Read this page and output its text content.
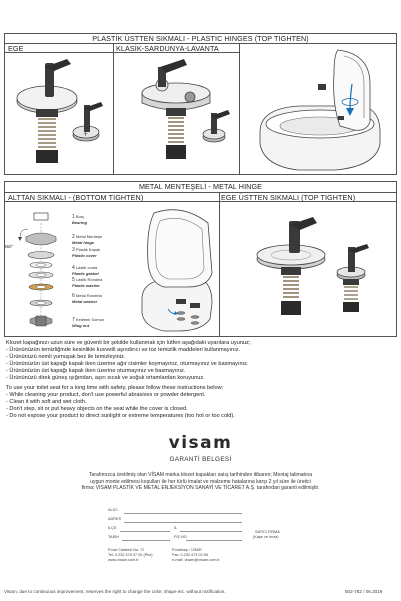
PLASTİK ÜSTTEN SIKMALI - PLASTIC HINGES (TOP TIGHTEN)
EGE	KLASİK-SARDUNYA-LAVANTA
+
METAL MENTEŞELİ - METAL HINGE
ALTTAN SIKMALI - (BOTTOM TIGHTEN)	EGE ÜSTTEN SIKMALI (TOP TIGHTEN)
360°
1 Burç
Bearing
2 Metal Menteşe
Metal hinge
3 Plastik Kapak
Plastic cover
4 Lastik conta
Plastic gasket
5 Lastik Rondela
Plastic washer
6 Metal Rondela
Metal washer
7 Kelebek Somun
Wing nut
Klozet kapağınızı uzun süre ve güvenli bir şekilde kullanmak için lütfen aşağıdaki uyarılara uyunuz;
- Ürününüzün temizliğinde kesinlikle kuvvetli aşındırıcı ve toz temizlik maddeleri kullanmayınız.
- Ürününüzü nemli yumuşak bez ile temizleyiniz.
- Ürününüzün üst kapağı kapalı iken üzerine ağır cisimler koymayınız, oturmayınız ve basmayınız.
- Ürününüzün üst kapağı kapalı iken üzerine oturmayınız ve basmayınız.
- Ürününüzü direk güneş ışığından, aşırı sıcak ve soğuk ortamlardan koruyunuz.
To use your toilet seat for a long time with safety, please follow these instructions below;
- While cleaning your product, don't use powerful abrasives or powder detergent.
- Clean it with soft and wet cloth.
- Don't step, sit or put heavy objects on the seat while the cover is closed.
- Do not expose your product to direct sunlight or extreme temperatures (too hot or too cold).
visam
GARANTİ BELGESİ
Tarafımızca üretilmiş olan VİSAM marka klozet kapakları satış tarihinden itibaren; Montaj talimatına
uygun monte edilmesi koşulları ile her türlü imalat ve malzeme hatalarına karşı 2 yıl süre ile üretici
firma; VİSAM PLASTİK VE METAL ENJEKSİYON SANAYİ VE TİCARET A.Ş. tarafından garanti edilmiştir.
ALICI
ADRES
İLÇE	İL
TARİH	FİŞ NO
SATICI FİRMA
(Kaşe ve İmza)
Pınar Caddesi No: 72
Tel: 0.232 479 07 00 (Pbx)
www.visam.com.tr
Pınarbaşı / İZMİR
Fax: 0.232 479 03 58
e-mail: visam@visam.com.tr
Visam, due to continuous improvement, reserves the right to change the color, shape etc. without notification.	502-782 / 06.2019
